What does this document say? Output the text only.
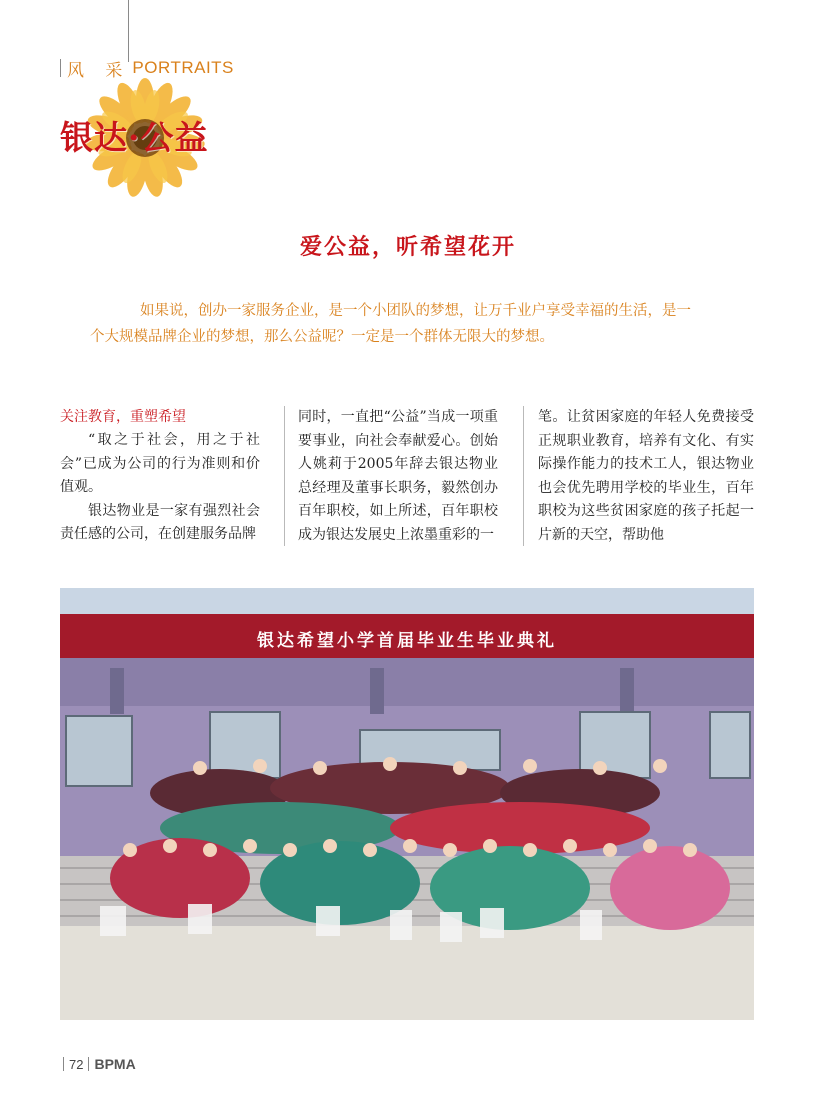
风 采 PORTRAITS
银达·公益
爱公益，听希望花开

如果说，创办一家服务企业，是一个小团队的梦想，让万千业户享受幸福的生活，是一

个大规模品牌企业的梦想，那么公益呢？一定是一个群体无限大的梦想。

关注教育，重塑希望

“取之于社会，用之于社会”已成为公司的行为准则和价值观。

银达物业是一家有强烈社会责任感的公司，在创建服务品牌

同时，一直把“公益”当成一项重要事业，向社会奉献爱心。创始人姚莉于2005年辞去银达物业总经理及董事长职务，毅然创办百年职校，如上所述，百年职校成为银达发展史上浓墨重彩的一

笔。让贫困家庭的年轻人免费接受正规职业教育，培养有文化、有实际操作能力的技术工人，银达物业也会优先聘用学校的毕业生，百年职校为这些贫困家庭的孩子托起一片新的天空，帮助他

银达希望小学首届毕业生毕业典礼
72 BPMA
